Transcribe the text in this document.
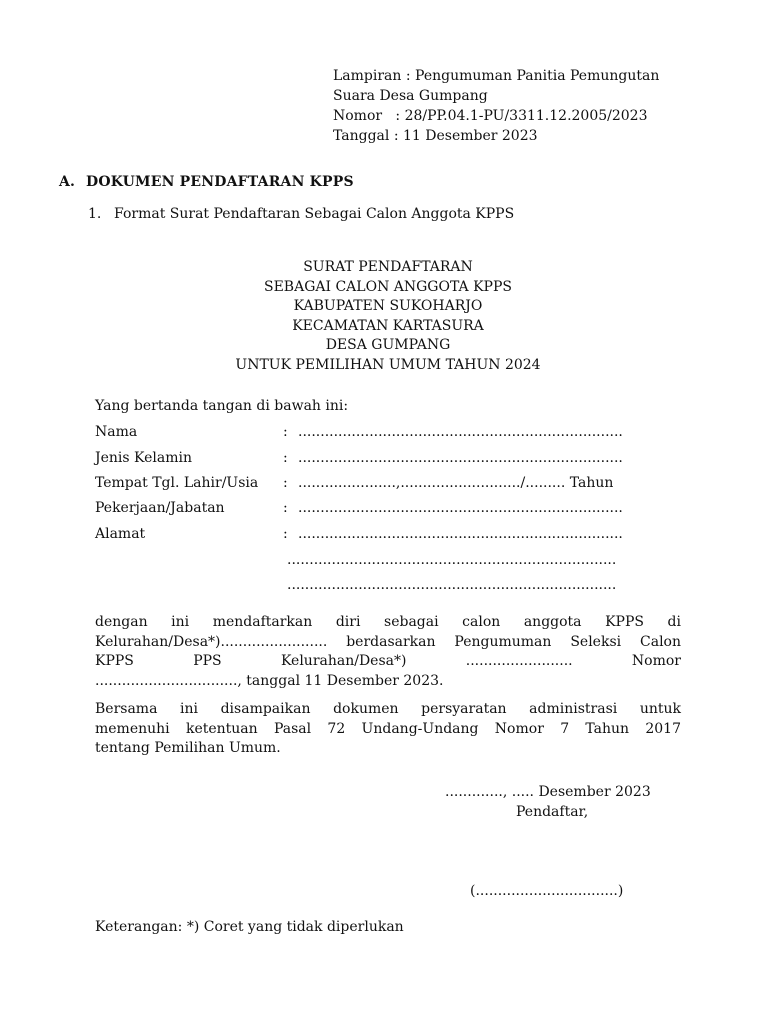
Lampiran : Pengumuman Panitia Pemungutan
Suara Desa Gumpang
Nomor   : 28/PP.04.1-PU/3311.12.2005/2023
Tanggal : 11 Desember 2023
A. DOKUMEN PENDAFTARAN KPPS
1. Format Surat Pendaftaran Sebagai Calon Anggota KPPS
SURAT PENDAFTARAN
SEBAGAI CALON ANGGOTA KPPS
KABUPATEN SUKOHARJO
KECAMATAN KARTASURA
DESA GUMPANG
UNTUK PEMILIHAN UMUM TAHUN 2024
Yang bertanda tangan di bawah ini:
Nama	: .........................................................................
Jenis Kelamin	: .........................................................................
Tempat Tgl. Lahir/Usia : ......................,.........................../......... Tahun
Pekerjaan/Jabatan	: .........................................................................
Alamat	: .........................................................................
..........................................................................
..........................................................................
dengan ini mendaftarkan diri sebagai calon anggota KPPS di
Kelurahan/Desa*)........................ berdasarkan Pengumuman Seleksi Calon
KPPS PPS Kelurahan/Desa*) ........................ Nomor
................................, tanggal 11 Desember 2023.
Bersama ini disampaikan dokumen persyaratan administrasi untuk
memenuhi ketentuan Pasal 72 Undang-Undang Nomor 7 Tahun 2017
tentang Pemilihan Umum.
............., ..... Desember 2023
Pendaftar,
(................................)
Keterangan: *) Coret yang tidak diperlukan
